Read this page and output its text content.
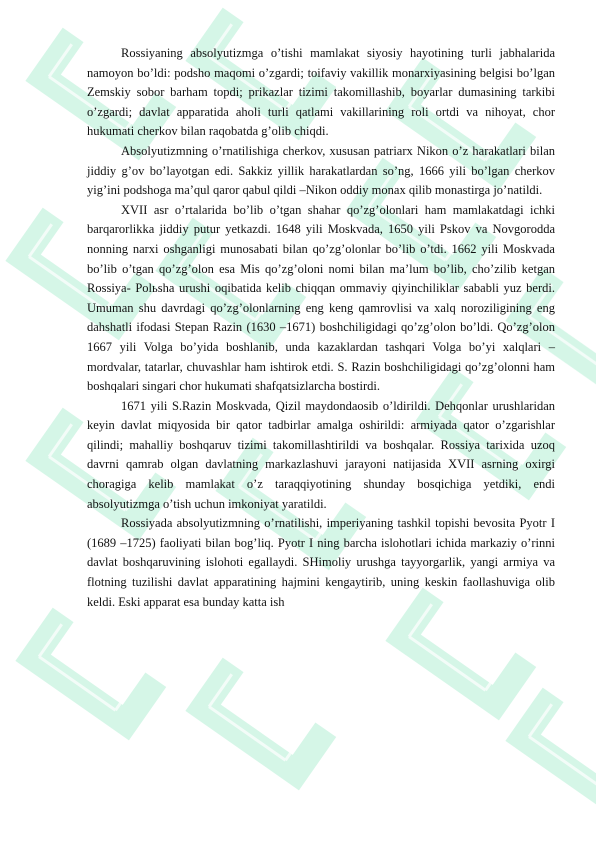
Rossiyaning absolyutizmga o’tishi mamlakat siyosiy hayotining turli jabhalarida namoyon bo’ldi: podsho maqomi o’zgardi; toifaviy vakillik monarxiyasining belgisi bo’lgan Zemskiy sobor barham topdi; prikazlar tizimi takomillashib, boyarlar dumasining tarkibi o’zgardi; davlat apparatida aholi turli qatlami vakillarining roli ortdi va nihoyat, chor hukumati cherkov bilan raqobatda g’olib chiqdi.

Absolyutizmning o’rnatilishiga cherkov, xususan patriarx Nikon o’z harakatlari bilan jiddiy g’ov bo’layotgan edi. Sakkiz yillik harakatlardan so’ng, 1666 yili bo’lgan cherkov yig’ini podshoga ma’qul qaror qabul qildi –Nikon oddiy monax qilib monastirga jo’natildi.

XVII asr o’rtalarida bo’lib o’tgan shahar qo’zg’olonlari ham mamlakatdagi ichki barqarorlikka jiddiy putur yetkazdi. 1648 yili Moskvada, 1650 yili Pskov va Novgorodda nonning narxi oshganligi munosabati bilan qo’zg’olonlar bo’lib o’tdi. 1662 yili Moskvada bo’lib o’tgan qo’zg’olon esa Mis qo’zg’oloni nomi bilan ma’lum bo’lib, cho’zilib ketgan Rossiya- Polьsha urushi oqibatida kelib chiqqan ommaviy qiyinchiliklar sababli yuz berdi. Umuman shu davrdagi qo’zg’olonlarning eng keng qamrovlisi va xalq noroziligining eng dahshatli ifodasi Stepan Razin (1630 –1671) boshchiligidagi qo’zg’olon bo’ldi. Qo’zg’olon 1667 yili Volga bo’yida boshlanib, unda kazaklardan tashqari Volga bo’yi xalqlari – mordvalar, tatarlar, chuvashlar ham ishtirok etdi. S. Razin boshchiligidagi qo’zg’olonni ham boshqalari singari chor hukumati shafqatsizlarcha bostirdi.

1671 yili S.Razin Moskvada, Qizil maydondaosib o’ldirildi. Dehqonlar urushlaridan keyin davlat miqyosida bir qator tadbirlar amalga oshirildi: armiyada qator o’zgarishlar qilindi; mahalliy boshqaruv tizimi takomillashtirildi va boshqalar. Rossiya tarixida uzoq davrni qamrab olgan davlatning markazlashuvi jarayoni natijasida XVII asrning oxirgi choragiga kelib mamlakat o’z taraqqiyotining shunday bosqichiga yetdiki, endi absolyutizmga o’tish uchun imkoniyat yaratildi.

Rossiyada absolyutizmning o’rnatilishi, imperiyaning tashkil topishi bevosita Pyotr I (1689 –1725) faoliyati bilan bog’liq. Pyotr I ning barcha islohotlari ichida markaziy o’rinni davlat boshqaruvining islohoti egallaydi. SHimoliy urushga tayyorgarlik, yangi armiya va flotning tuzilishi davlat apparatining hajmini kengaytirib, uning keskin faollashuviga olib keldi. Eski apparat esa bunday katta ish
